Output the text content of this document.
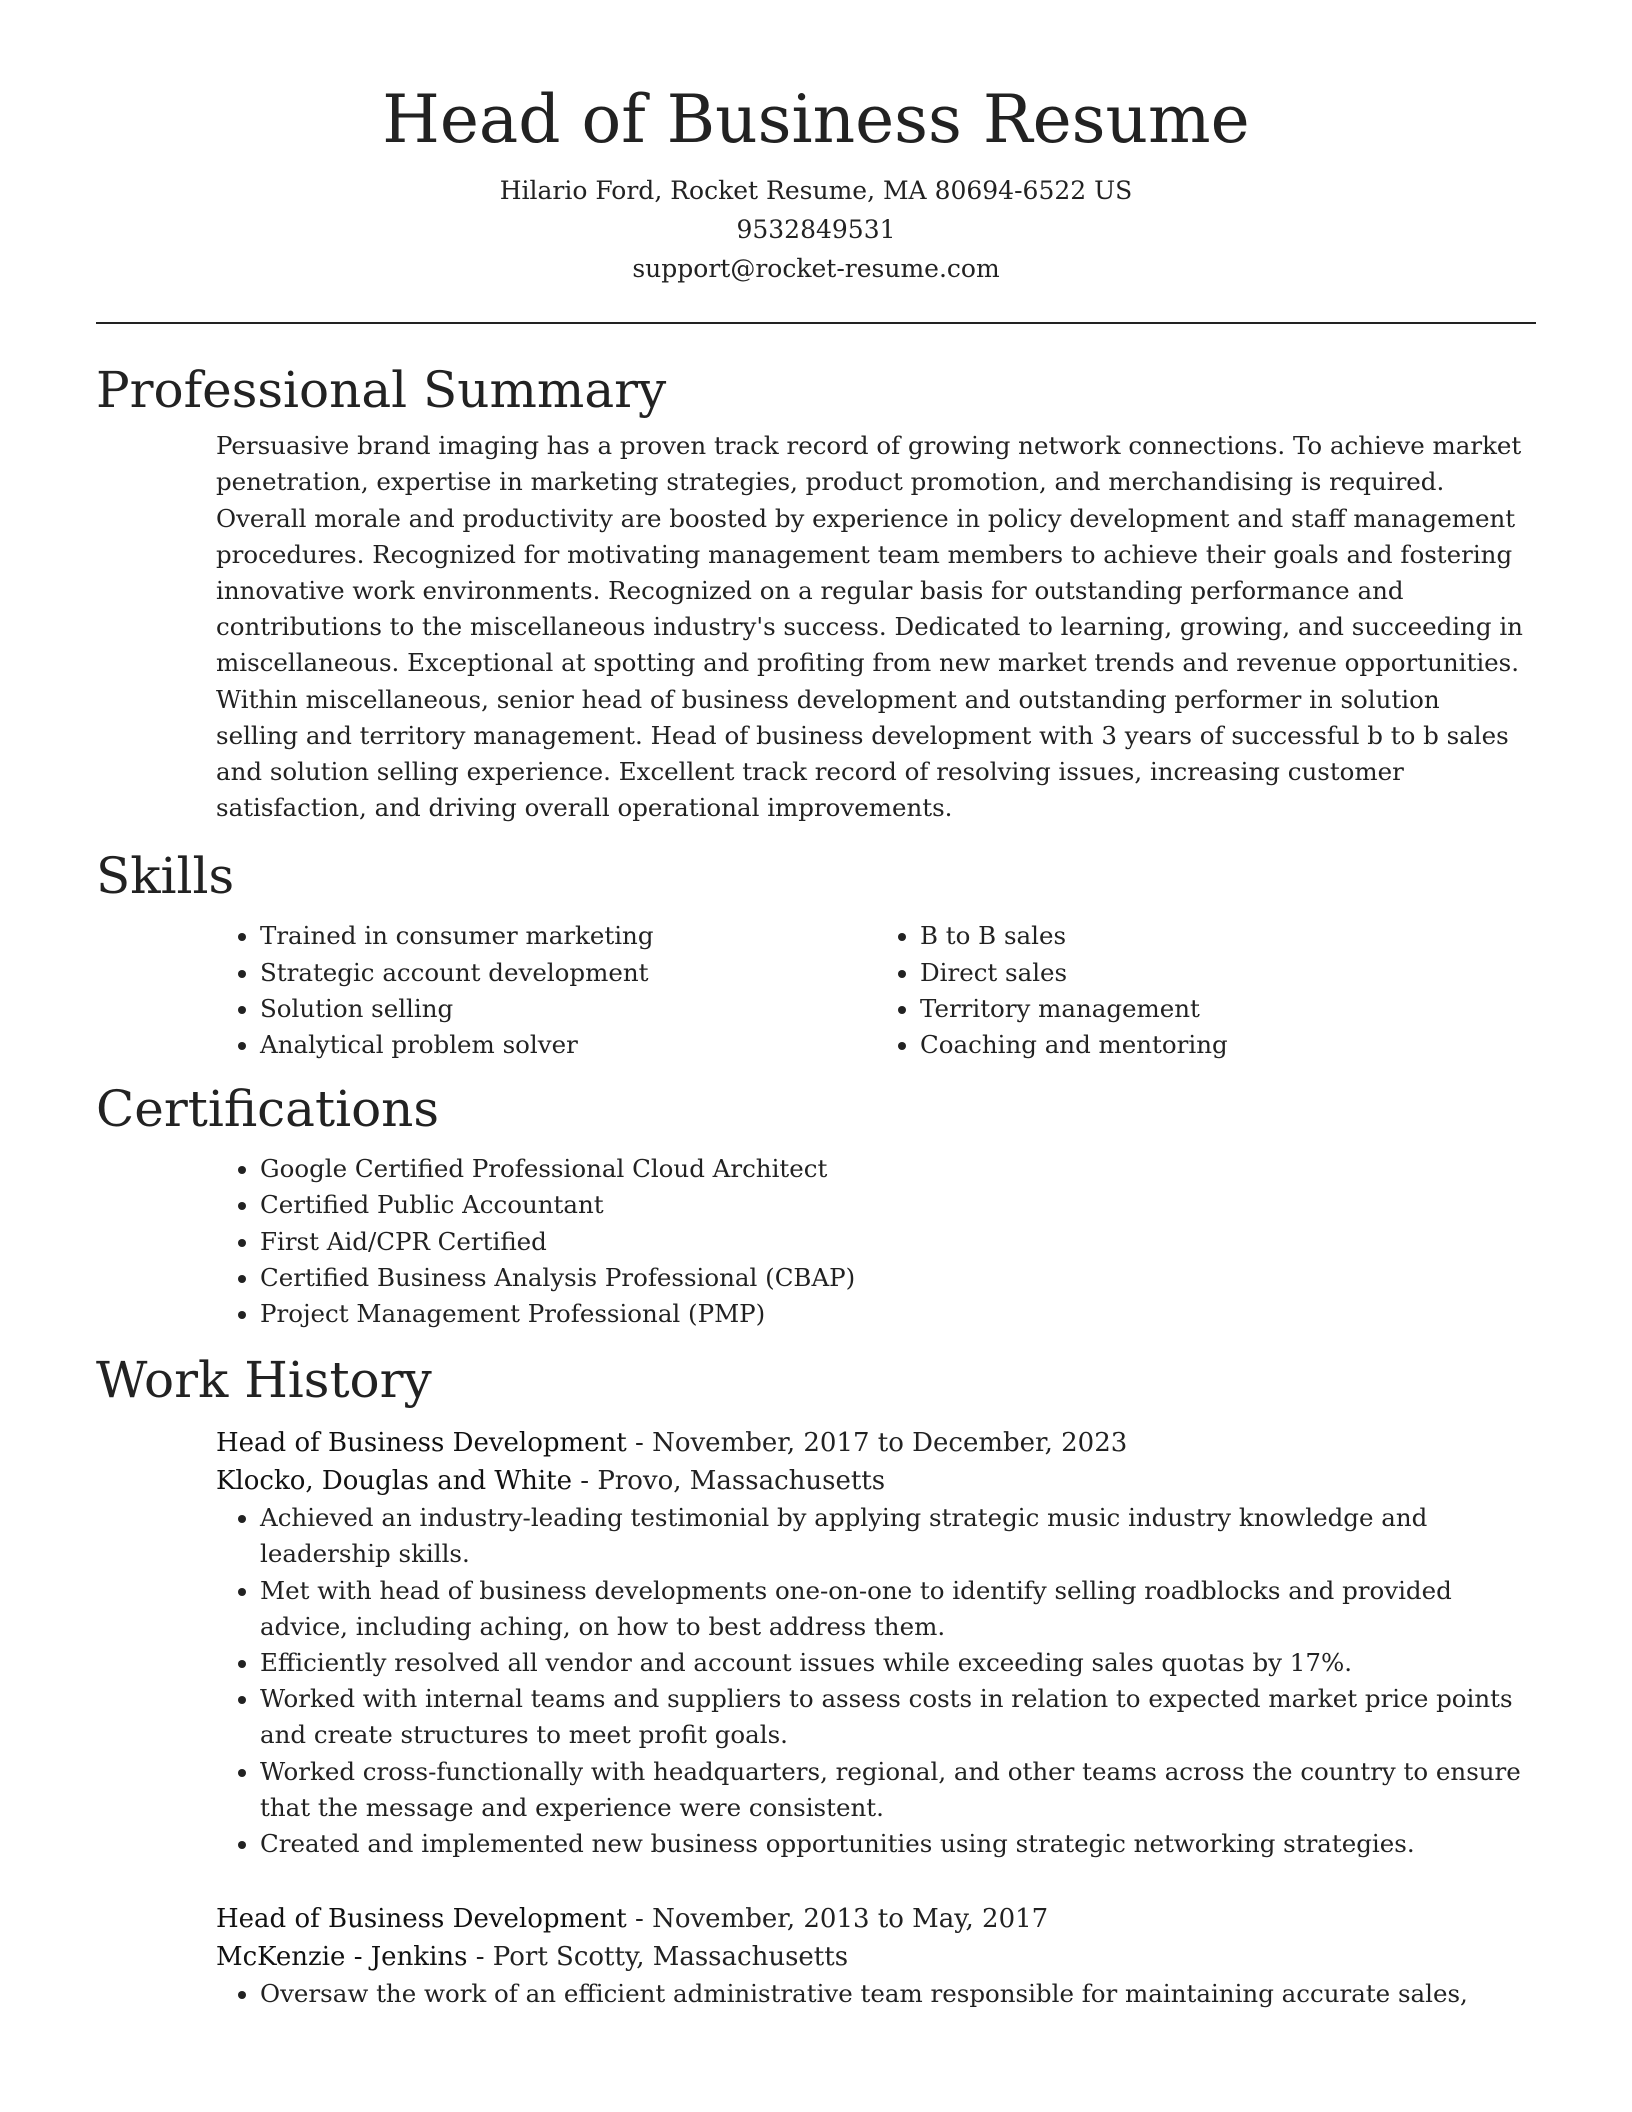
Head of Business Resume
Hilario Ford, Rocket Resume, MA 80694-6522 US
9532849531
support@rocket-resume.com
Professional Summary
Persuasive brand imaging has a proven track record of growing network connections. To achieve market penetration, expertise in marketing strategies, product promotion, and merchandising is required. Overall morale and productivity are boosted by experience in policy development and staff management procedures. Recognized for motivating management team members to achieve their goals and fostering innovative work environments. Recognized on a regular basis for outstanding performance and contributions to the miscellaneous industry's success. Dedicated to learning, growing, and succeeding in miscellaneous. Exceptional at spotting and profiting from new market trends and revenue opportunities. Within miscellaneous, senior head of business development and outstanding performer in solution selling and territory management. Head of business development with 3 years of successful b to b sales and solution selling experience. Excellent track record of resolving issues, increasing customer satisfaction, and driving overall operational improvements.
Skills
• Trained in consumer marketing
• Strategic account development
• Solution selling
• Analytical problem solver
• B to B sales
• Direct sales
• Territory management
• Coaching and mentoring
Certifications
• Google Certified Professional Cloud Architect
• Certified Public Accountant
• First Aid/CPR Certified
• Certified Business Analysis Professional (CBAP)
• Project Management Professional (PMP)
Work History
Head of Business Development - November, 2017 to December, 2023
Klocko, Douglas and White - Provo, Massachusetts
• Achieved an industry-leading testimonial by applying strategic music industry knowledge and leadership skills.
• Met with head of business developments one-on-one to identify selling roadblocks and provided advice, including aching, on how to best address them.
• Efficiently resolved all vendor and account issues while exceeding sales quotas by 17%.
• Worked with internal teams and suppliers to assess costs in relation to expected market price points and create structures to meet profit goals.
• Worked cross-functionally with headquarters, regional, and other teams across the country to ensure that the message and experience were consistent.
• Created and implemented new business opportunities using strategic networking strategies.
Head of Business Development - November, 2013 to May, 2017
McKenzie - Jenkins - Port Scotty, Massachusetts
• Oversaw the work of an efficient administrative team responsible for maintaining accurate sales,
